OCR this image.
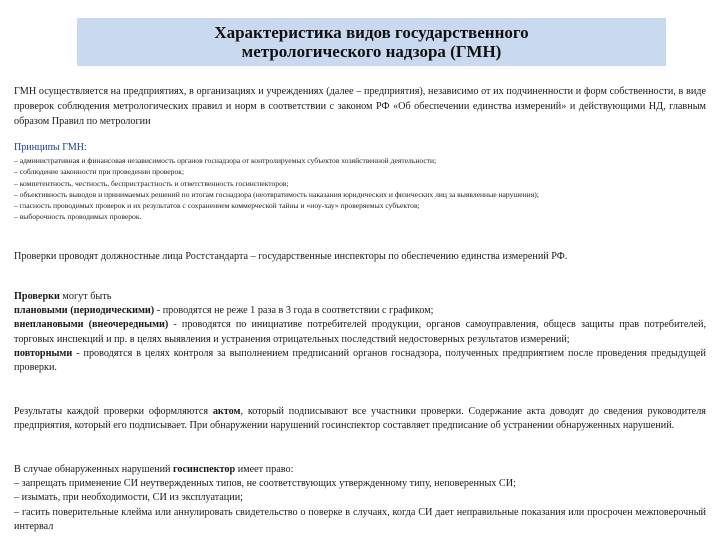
Характеристика видов государственного
метрологического надзора (ГМН)

ГМН осуществляется на предприятиях, в организациях и учреждениях (далее – предприятия), независимо от их подчиненности и форм собственности, в виде проверок соблюдения метрологических правил и норм в соответствии с законом РФ «Об обеспечении единства измерений» и действующими НД, главным образом Правил по метрологии

Принципы ГМН:
– административная и финансовая независимость органов госнадзора от контролируемых субъектов хозяйственной деятельности;
– соблюдение законности при проведении проверок;
– компетентность, честность, беспристрастность и ответственность госинспекторов;
– объективность выводов и принимаемых решений по итогам госнадзора (неотвратимость наказания юридических и физических лиц за выявленные нарушения);
– гласность проводимых проверок и их результатов с сохранением коммерческой тайны и «ноу-хау» проверяемых субъектов;
– выборочность проводимых проверок.

Проверки проводят должностные лица Ростстандарта – государственные инспекторы по обеспечению единства измерений РФ.

Проверки могут быть
плановыми (периодическими) - проводятся не реже 1 раза в 3 года в соответствии с графиком;
внеплановыми (внеочередными) - проводятся по инициативе потребителей продукции, органов самоуправления, общесв защиты прав потребителей, торговых инспекций и пр. в целях выявления и устранения отрицательных последствий недостоверных результатов измерений;
повторными - проводятся в целях контроля за выполнением предписаний органов госнадзора, полученных предприятием после проведения предыдущей проверки.

Результаты каждой проверки оформляются актом, который подписывают все участники проверки. Содержание акта доводят до сведения руководителя предприятия, который его подписывает. При обнаружении нарушений госинспектор составляет предписание об устранении обнаруженных нарушений.

В случае обнаруженных нарушений госинспектор имеет право:
– запрещать применение СИ неутвержденных типов, не соответствующих утвержденному типу, неповеренных СИ;
– изымать, при необходимости, СИ из эксплуатации;
– гасить поверительные клейма или аннулировать свидетельство о поверке в случаях, когда СИ дает неправильные показания или просрочен межповерочный интервал
